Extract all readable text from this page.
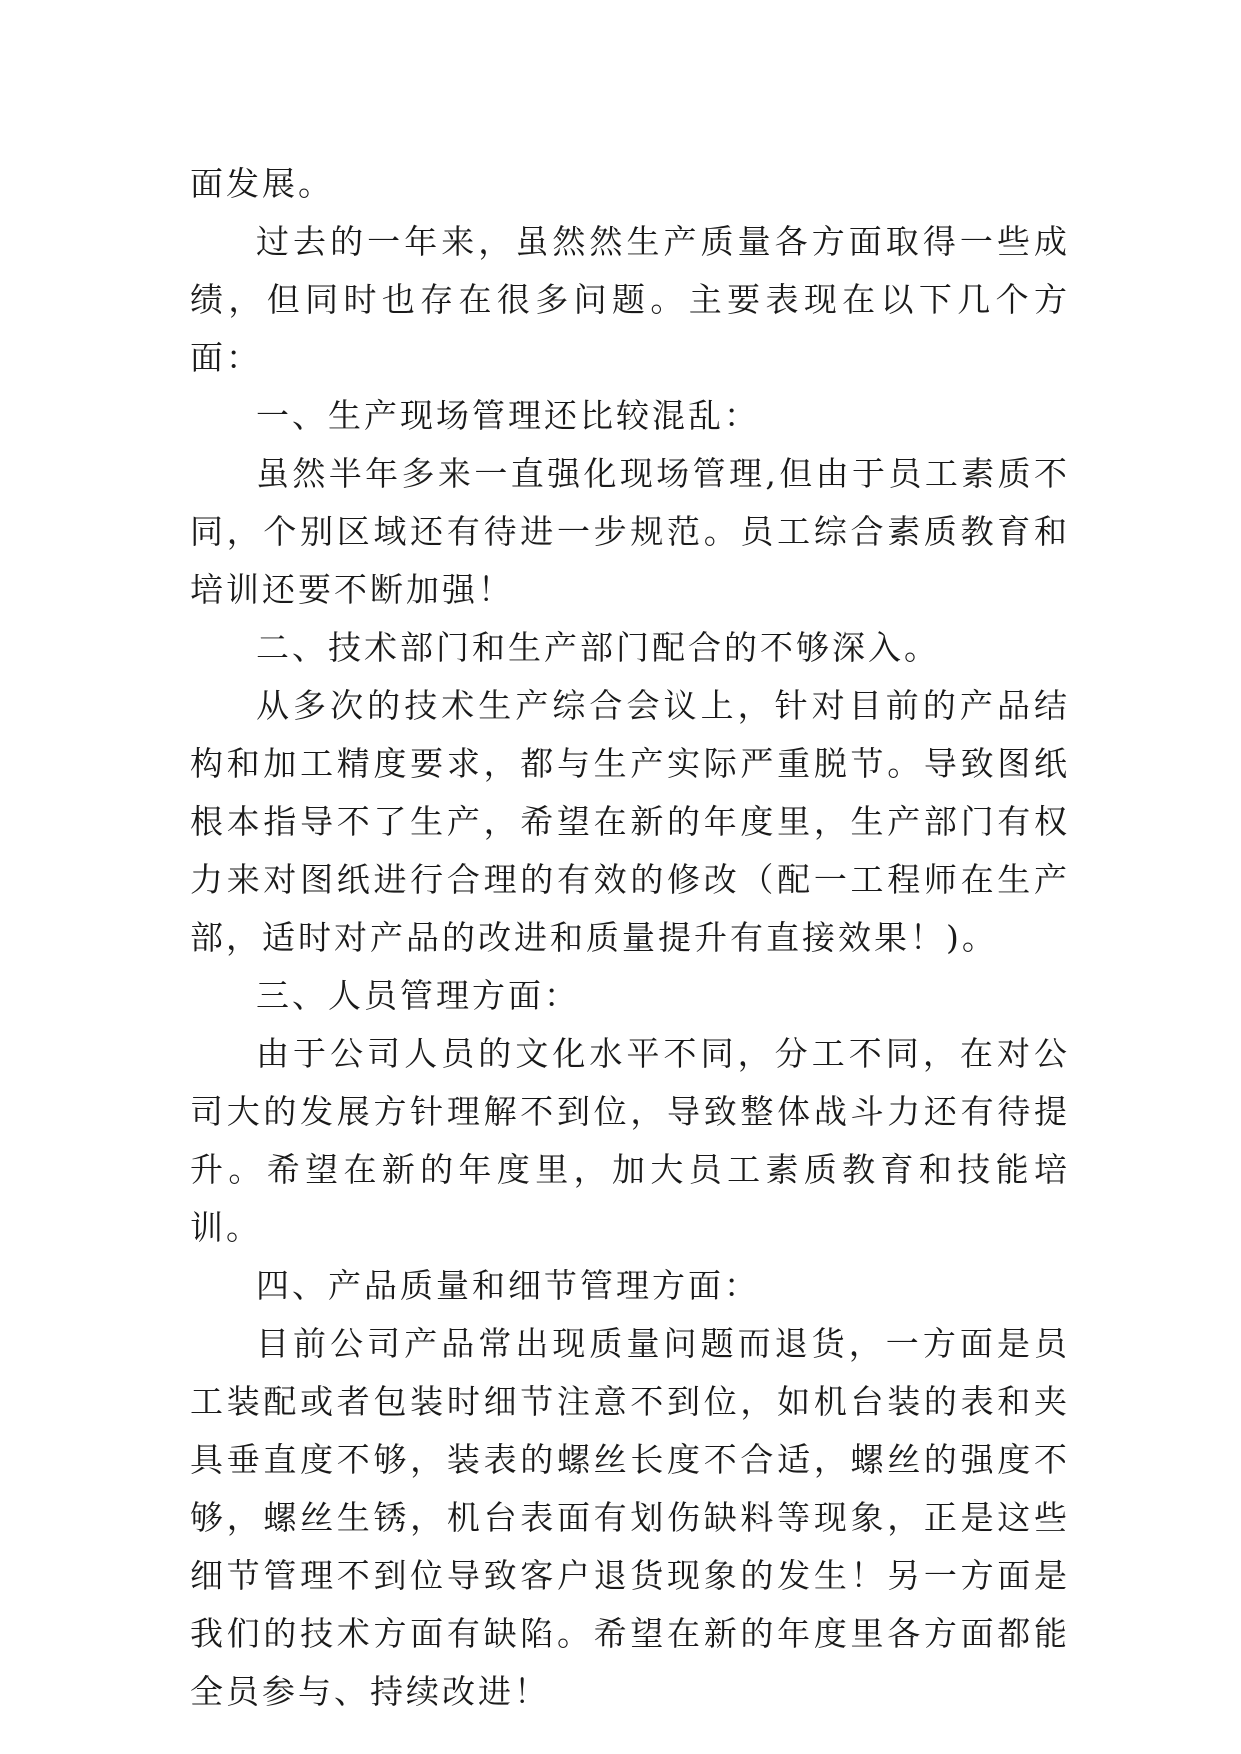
面发展。

过去的一年来，虽然然生产质量各方面取得一些成绩，但同时也存在很多问题。主要表现在以下几个方面：

一、生产现场管理还比较混乱：

虽然半年多来一直强化现场管理,但由于员工素质不同，个别区域还有待进一步规范。员工综合素质教育和培训还要不断加强！

二、技术部门和生产部门配合的不够深入。

从多次的技术生产综合会议上，针对目前的产品结构和加工精度要求，都与生产实际严重脱节。导致图纸根本指导不了生产，希望在新的年度里，生产部门有权力来对图纸进行合理的有效的修改（配一工程师在生产部，适时对产品的改进和质量提升有直接效果！)。

三、人员管理方面：

由于公司人员的文化水平不同，分工不同，在对公司大的发展方针理解不到位，导致整体战斗力还有待提升。希望在新的年度里，加大员工素质教育和技能培训。

四、产品质量和细节管理方面：

目前公司产品常出现质量问题而退货，一方面是员工装配或者包装时细节注意不到位，如机台装的表和夹具垂直度不够，装表的螺丝长度不合适，螺丝的强度不够，螺丝生锈，机台表面有划伤缺料等现象，正是这些细节管理不到位导致客户退货现象的发生！另一方面是我们的技术方面有缺陷。希望在新的年度里各方面都能全员参与、持续改进！
